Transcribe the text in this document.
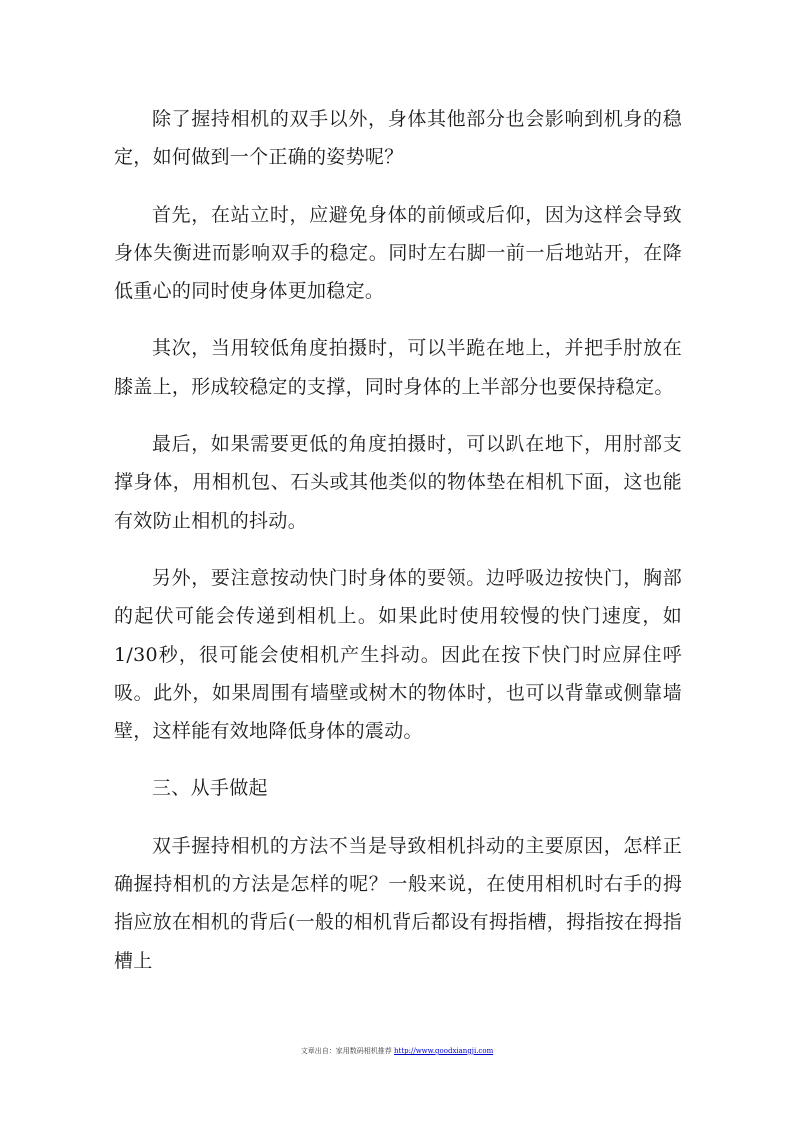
除了握持相机的双手以外，身体其他部分也会影响到机身的稳定，如何做到一个正确的姿势呢？

首先，在站立时，应避免身体的前倾或后仰，因为这样会导致身体失衡进而影响双手的稳定。同时左右脚一前一后地站开，在降低重心的同时使身体更加稳定。

其次，当用较低角度拍摄时，可以半跪在地上，并把手肘放在膝盖上，形成较稳定的支撑，同时身体的上半部分也要保持稳定。

最后，如果需要更低的角度拍摄时，可以趴在地下，用肘部支撑身体，用相机包、石头或其他类似的物体垫在相机下面，这也能有效防止相机的抖动。

另外，要注意按动快门时身体的要领。边呼吸边按快门，胸部的起伏可能会传递到相机上。如果此时使用较慢的快门速度，如1/30秒，很可能会使相机产生抖动。因此在按下快门时应屏住呼吸。此外，如果周围有墙壁或树木的物体时，也可以背靠或侧靠墙壁，这样能有效地降低身体的震动。

三、从手做起

双手握持相机的方法不当是导致相机抖动的主要原因，怎样正确握持相机的方法是怎样的呢？一般来说，在使用相机时右手的拇指应放在相机的背后(一般的相机背后都设有拇指槽，拇指按在拇指槽上

文章出自：家用数码相机推荐 http://www.goodxiangji.com
